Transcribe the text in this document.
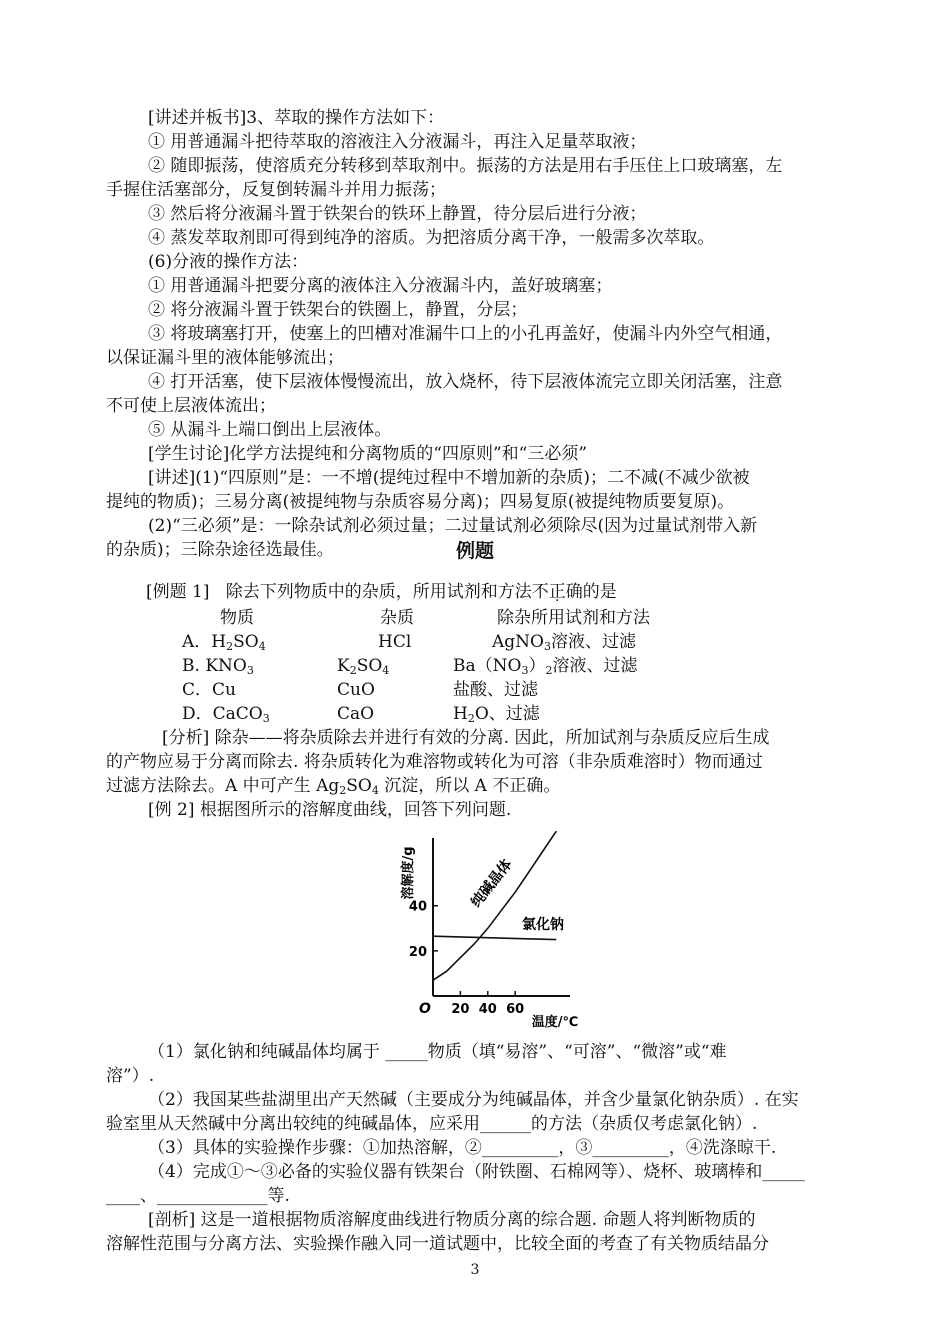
[讲述并板书]3、萃取的操作方法如下：
① 用普通漏斗把待萃取的溶液注入分液漏斗，再注入足量萃取液；
② 随即振荡，使溶质充分转移到萃取剂中。振荡的方法是用右手压住上口玻璃塞，左
手握住活塞部分，反复倒转漏斗并用力振荡；
③ 然后将分液漏斗置于铁架台的铁环上静置，待分层后进行分液；
④ 蒸发萃取剂即可得到纯净的溶质。为把溶质分离干净，一般需多次萃取。
(6)分液的操作方法：
① 用普通漏斗把要分离的液体注入分液漏斗内，盖好玻璃塞；
② 将分液漏斗置于铁架台的铁圈上，静置，分层；
③ 将玻璃塞打开，使塞上的凹槽对准漏牛口上的小孔再盖好，使漏斗内外空气相通，
以保证漏斗里的液体能够流出；
④ 打开活塞，使下层液体慢慢流出，放入烧杯，待下层液体流完立即关闭活塞，注意
不可使上层液体流出；
⑤ 从漏斗上端口倒出上层液体。
[学生讨论]化学方法提纯和分离物质的“四原则”和“三必须”
[讲述](1)“四原则”是：一不增(提纯过程中不增加新的杂质)；二不减(不减少欲被
提纯的物质)；三易分离(被提纯物与杂质容易分离)；四易复原(被提纯物质要复原)。
(2)“三必须”是：一除杂试剂必须过量；二过量试剂必须除尽(因为过量试剂带入新
的杂质)；三除杂途径选最佳。	例题
[例题 1] 除去下列物质中的杂质，所用试剂和方法不正确的是
物质	杂质	除杂所用试剂和方法
A．$H_2SO_4$	HCl	AgNO$_3$溶液、过滤
B. $KNO_3$	$K_2SO_4$	$Ba(NO_3)_2$溶液、过滤
C．Cu	CuO	盐酸、过滤
D．CaCO$_3$	CaO	$H_2O$、过滤
[分析] 除杂——将杂质除去并进行有效的分离. 因此，所加试剂与杂质反应后生成
的产物应易于分离而除去. 将杂质转化为难溶物或转化为可溶（非杂质难溶时）物而通过
过滤方法除去。A 中可产生 $Ag_2SO_4$ 沉淀，所以 A 不正确。
[例 2] 根据图所示的溶解度曲线，回答下列问题.
20 40 60
20
40
O
温度/℃
溶解度/g	纯碱晶体
氯化钠
（1）氯化钠和纯碱晶体均属于 _____物质（填“易溶”、“可溶”、“微溶”或“难
溶”）.
（2）我国某些盐湖里出产天然碱（主要成分为纯碱晶体，并含少量氯化钠杂质）. 在实
验室里从天然碱中分离出较纯的纯碱晶体，应采用______的方法（杂质仅考虑氯化钠）.
（3）具体的实验操作步骤：①加热溶解，②_________，③_________，④洗涤晾干.
（4）完成①～③必备的实验仪器有铁架台（附铁圈、石棉网等）、烧杯、玻璃棒和_____
____、_____________等.
[剖析] 这是一道根据物质溶解度曲线进行物质分离的综合题. 命题人将判断物质的
溶解性范围与分离方法、实验操作融入同一道试题中，比较全面的考查了有关物质结晶分
3
